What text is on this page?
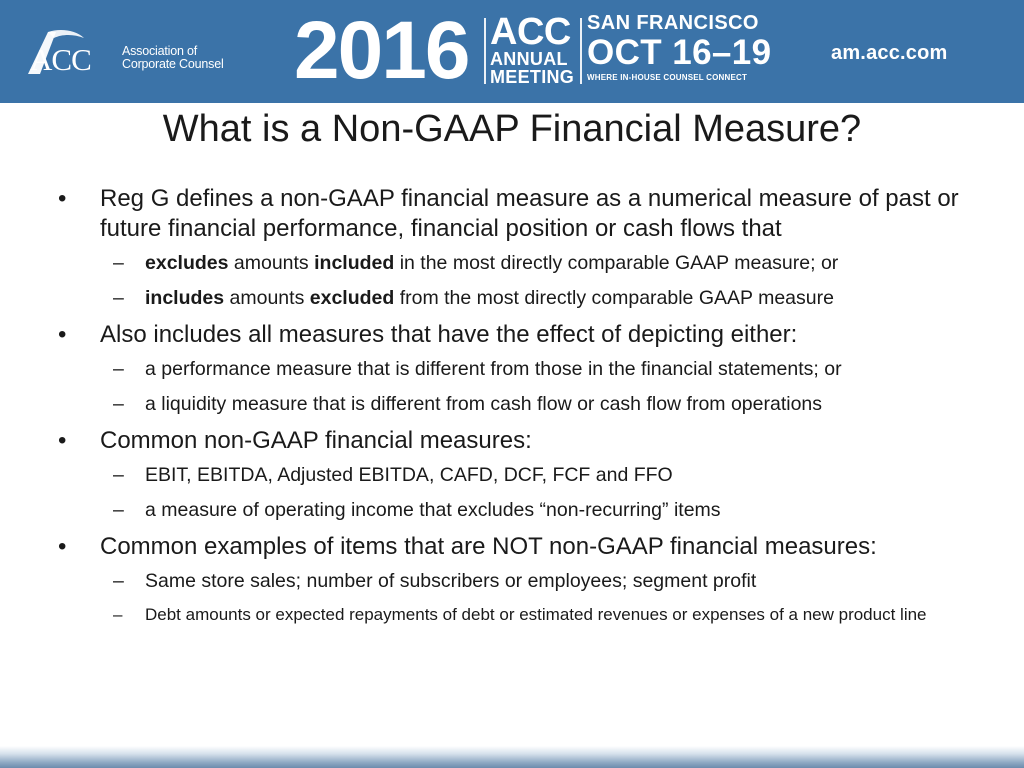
ACC	Association of
Corporate Counsel 2016 ACC
ANNUAL
MEETING
SAN FRANCISCO
OCT 16–19
WHERE IN-HOUSE COUNSEL CONNECT
am.acc.com
What is a Non-GAAP Financial Measure?
• Reg G defines a non-GAAP financial measure as a numerical measure of past or future financial performance, financial position or cash flows that
– excludes amounts included in the most directly comparable GAAP measure; or
– includes amounts excluded from the most directly comparable GAAP measure
• Also includes all measures that have the effect of depicting either:
– a performance measure that is different from those in the financial statements; or
– a liquidity measure that is different from cash flow or cash flow from operations
• Common non-GAAP financial measures:
– EBIT, EBITDA, Adjusted EBITDA, CAFD, DCF, FCF and FFO
– a measure of operating income that excludes “non-recurring” items
• Common examples of items that are NOT non-GAAP financial measures:
– Same store sales; number of subscribers or employees; segment profit
– Debt amounts or expected repayments of debt or estimated revenues or expenses of a new product line
